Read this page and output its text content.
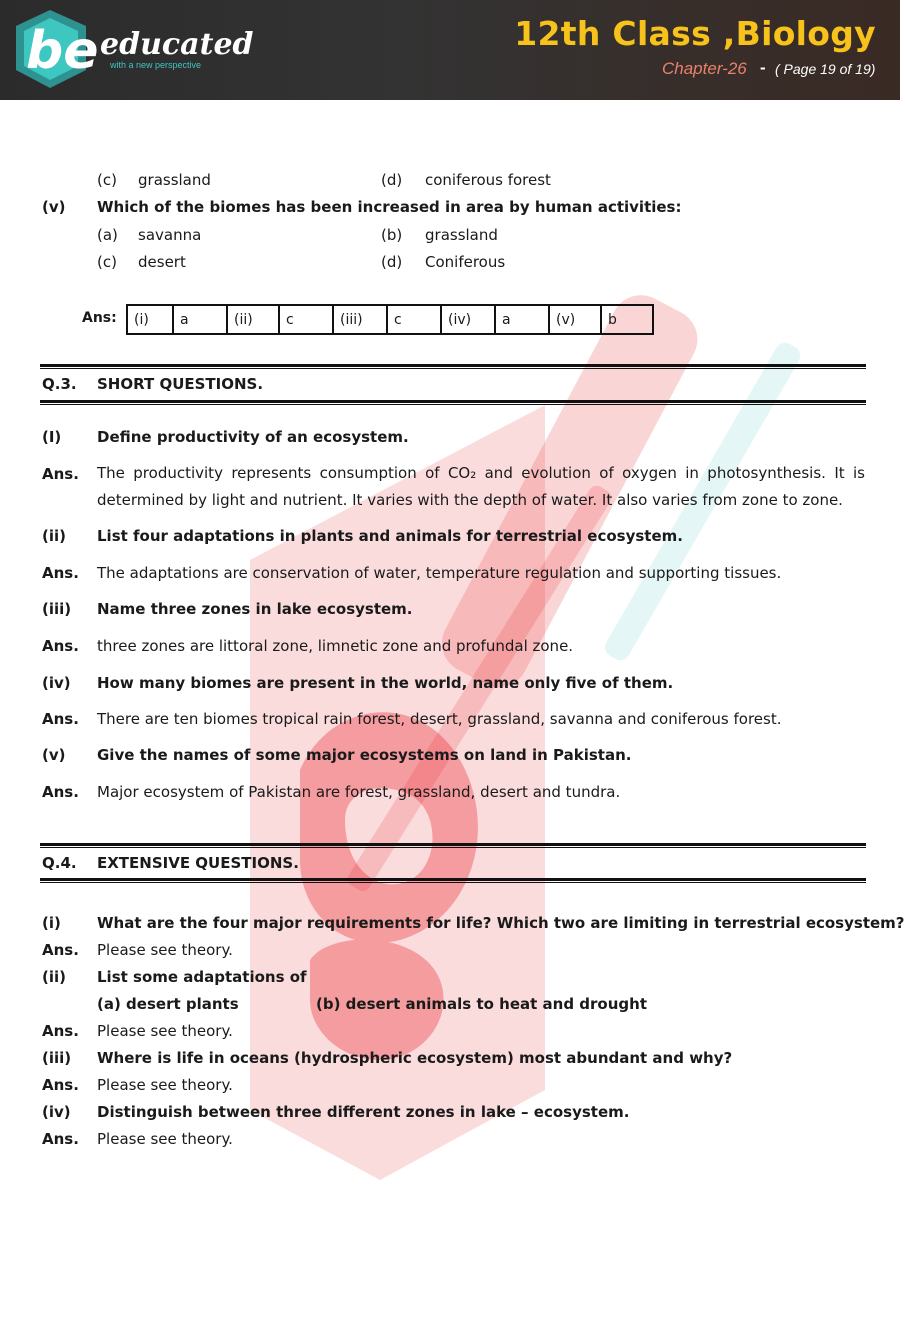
be educated
with a new perspective
12th Class ,Biology
Chapter-26 - ( Page 19 of 19)
(c) grassland	(d) coniferous forest
(v) Which of the biomes has been increased in area by human activities:
(a) savanna	(b) grassland
(c) desert	(d) Coniferous
Ans: (i)	a	(ii)	c	(iii)	c	(iv)	a	(v)	b
Q.3. SHORT QUESTIONS.
(I) Define productivity of an ecosystem.
Ans. The productivity represents consumption of CO₂ and evolution of oxygen in photosynthesis. It is determined by light and nutrient. It varies with the depth of water. It also varies from zone to zone.
(ii) List four adaptations in plants and animals for terrestrial ecosystem.
Ans. The adaptations are conservation of water, temperature regulation and supporting tissues.
(iii) Name three zones in lake ecosystem.
Ans. three zones are littoral zone, limnetic zone and profundal zone.
(iv) How many biomes are present in the world, name only five of them.
Ans. There are ten biomes tropical rain forest, desert, grassland, savanna and coniferous forest.
(v) Give the names of some major ecosystems on land in Pakistan.
Ans. Major ecosystem of Pakistan are forest, grassland, desert and tundra.
Q.4. EXTENSIVE QUESTIONS.
(i) What are the four major requirements for life? Which two are limiting in terrestrial ecosystem?
Ans. Please see theory.
(ii) List some adaptations of
(a) desert plants	(b) desert animals to heat and drought
Ans. Please see theory.
(iii) Where is life in oceans (hydrospheric ecosystem) most abundant and why?
Ans. Please see theory.
(iv) Distinguish between three different zones in lake – ecosystem.
Ans. Please see theory.
